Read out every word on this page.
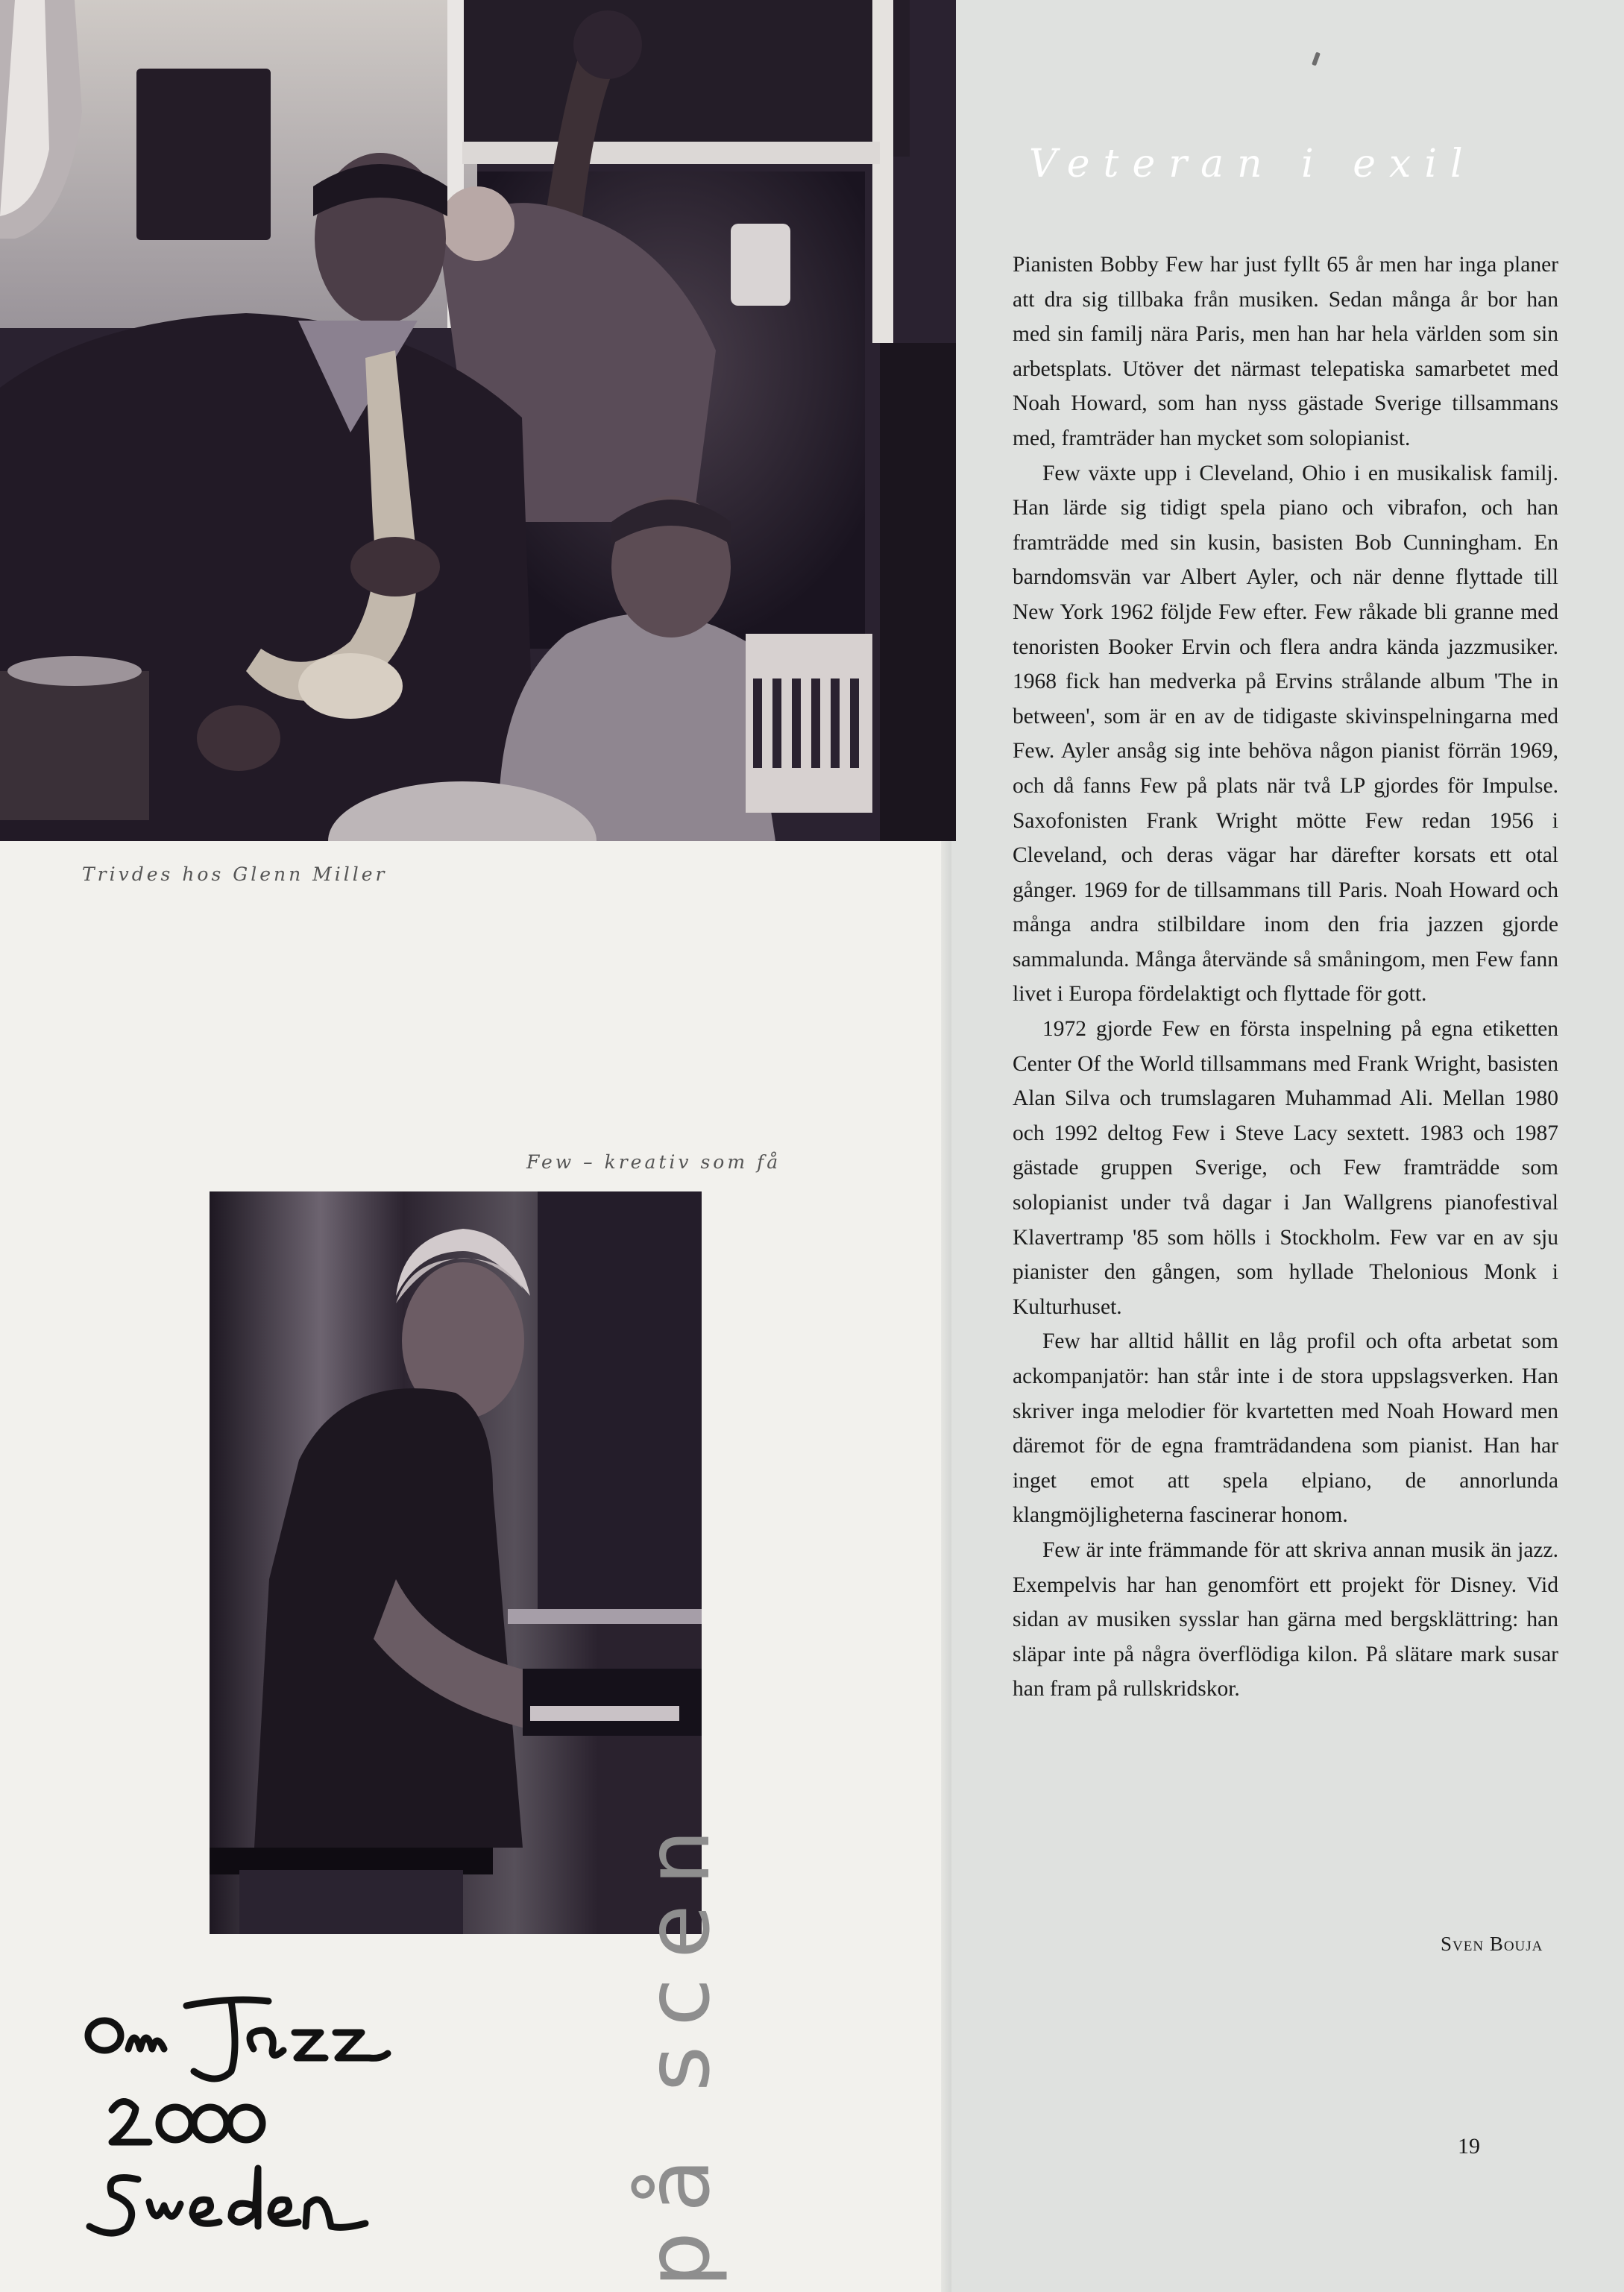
Trivdes hos Glenn Miller
Few – kreativ som få
på scen
Veteran i exil

Pianisten Bobby Few har just fyllt 65 år men har inga planer att dra sig tillbaka från musiken. Sedan många år bor han med sin familj nära Paris, men han har hela världen som sin arbetsplats. Utöver det närmast telepatiska samarbetet med Noah Howard, som han nyss gästade Sverige tillsammans med, framträder han mycket som solopianist.

Few växte upp i Cleveland, Ohio i en musikalisk familj. Han lärde sig tidigt spela piano och vibrafon, och han framträdde med sin kusin, basisten Bob Cunningham. En barndomsvän var Albert Ayler, och när denne flyttade till New York 1962 följde Few efter. Few råkade bli granne med tenoristen Booker Ervin och flera andra kända jazzmusiker. 1968 fick han medverka på Ervins strålande album 'The in between', som är en av de tidigaste skivinspelningarna med Few. Ayler ansåg sig inte behöva någon pianist förrän 1969, och då fanns Few på plats när två LP gjordes för Impulse. Saxofonisten Frank Wright mötte Few redan 1956 i Cleveland, och deras vägar har därefter korsats ett otal gånger. 1969 for de tillsammans till Paris. Noah Howard och många andra stilbildare inom den fria jazzen gjorde sammalunda. Många återvände så småningom, men Few fann livet i Europa fördelaktigt och flyttade för gott.

1972 gjorde Few en första inspelning på egna etiketten Center Of the World tillsammans med Frank Wright, basisten Alan Silva och trumslagaren Muhammad Ali. Mellan 1980 och 1992 deltog Few i Steve Lacy sextett. 1983 och 1987 gästade gruppen Sverige, och Few framträdde som solopianist under två dagar i Jan Wallgrens pianofestival Klavertramp '85 som hölls i Stockholm. Few var en av sju pianister den gången, som hyllade Thelonious Monk i Kulturhuset.

Few har alltid hållit en låg profil och ofta arbetat som ackompanjatör: han står inte i de stora uppslagsverken. Han skriver inga melodier för kvartetten med Noah Howard men däremot för de egna framträdandena som pianist. Han har inget emot att spela elpiano, de annorlunda klangmöjligheterna fascinerar honom.

Few är inte främmande för att skriva annan musik än jazz. Exempelvis har han genomfört ett projekt för Disney. Vid sidan av musiken sysslar han gärna med bergsklättring: han släpar inte på några överflödiga kilon. På slätare mark susar han fram på rullskridskor.

Sven Bouja
19
